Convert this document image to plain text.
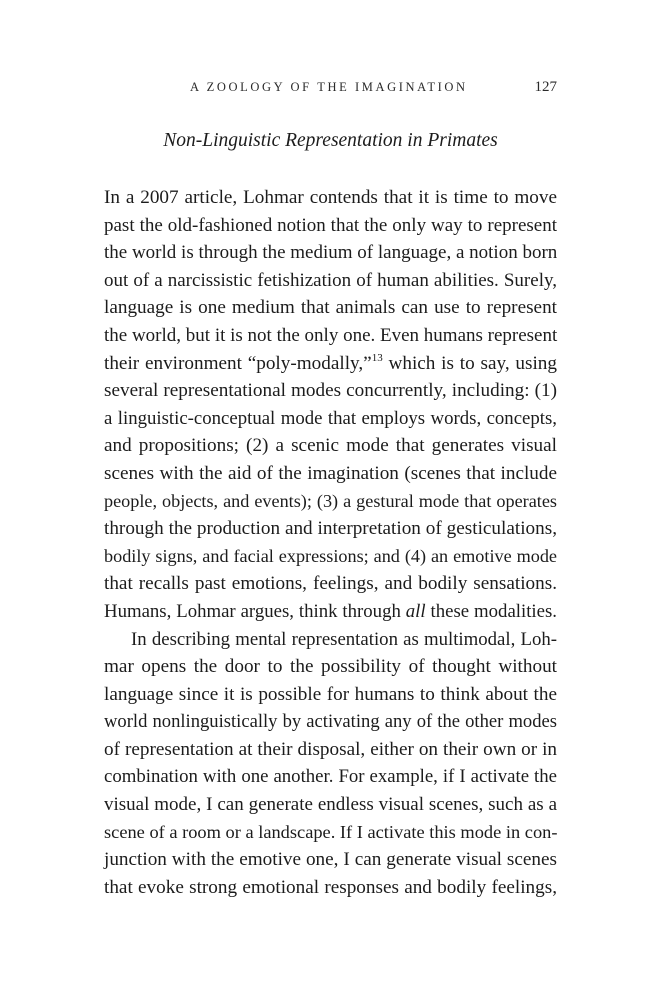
A ZOOLOGY OF THE IMAGINATION	127
Non-Linguistic Representation in Primates
In a 2007 article, Lohmar contends that it is time to move
past the old-fashioned notion that the only way to represent
the world is through the medium of language, a notion born
out of a narcissistic fetishization of human abilities. Surely,
language is one medium that animals can use to represent
the world, but it is not the only one. Even humans represent
their environment “poly-modally,”$^{13}$ which is to say, using
several representational modes concurrently, including: (1)
a linguistic-conceptual mode that employs words, concepts,
and propositions; (2) a scenic mode that generates visual
scenes with the aid of the imagination (scenes that include
people, objects, and events); (3) a gestural mode that operates
through the production and interpretation of gesticulations,
bodily signs, and facial expressions; and (4) an emotive mode
that recalls past emotions, feelings, and bodily sensations.
Humans, Lohmar argues, think through all these modalities.
In describing mental representation as multimodal, Loh-
mar opens the door to the possibility of thought without
language since it is possible for humans to think about the
world nonlinguistically by activating any of the other modes
of representation at their disposal, either on their own or in
combination with one another. For example, if I activate the
visual mode, I can generate endless visual scenes, such as a
scene of a room or a landscape. If I activate this mode in con-
junction with the emotive one, I can generate visual scenes
that evoke strong emotional responses and bodily feelings,
